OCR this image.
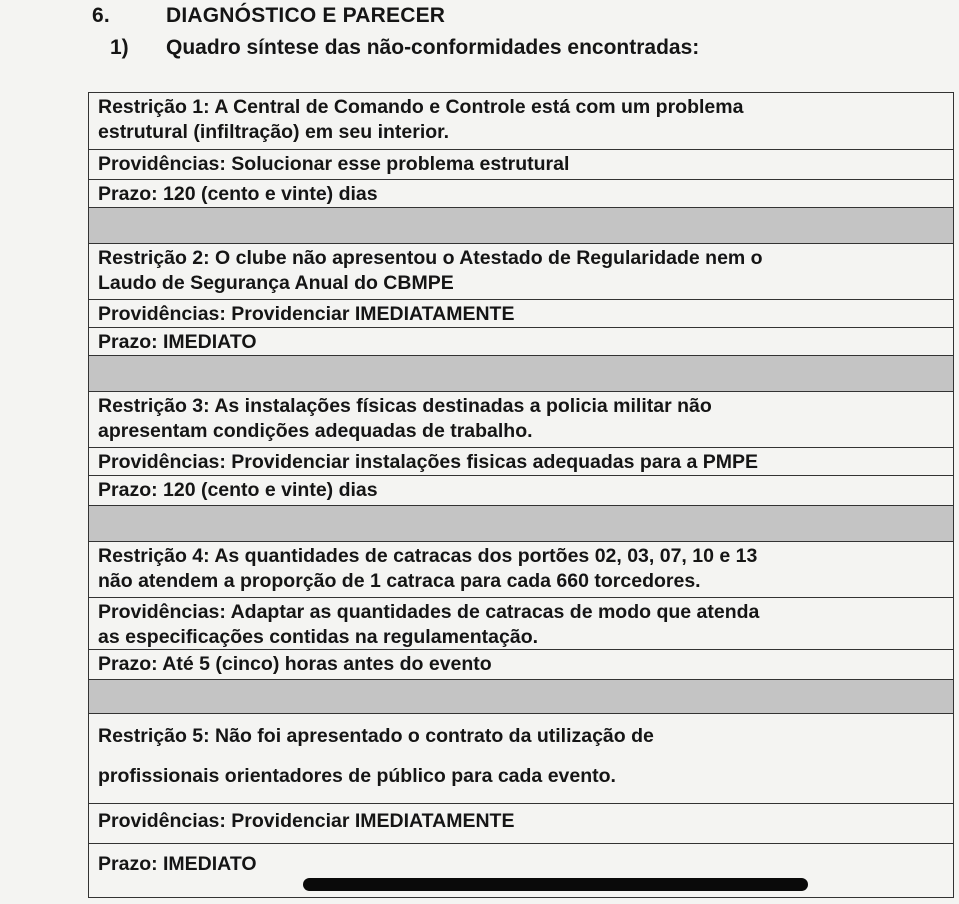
6.	DIAGNÓSTICO E PARECER
1) Quadro síntese das não-conformidades encontradas:
Restrição 1: A Central de Comando e Controle está com um problema
estrutural (infiltração) em seu interior.
Providências: Solucionar esse problema estrutural
Prazo: 120 (cento e vinte) dias
Restrição 2: O clube não apresentou o Atestado de Regularidade nem o
Laudo de Segurança Anual do CBMPE
Providências: Providenciar IMEDIATAMENTE
Prazo: IMEDIATO
Restrição 3: As instalações físicas destinadas a policia militar não
apresentam condições adequadas de trabalho.
Providências: Providenciar instalações fisicas adequadas para a PMPE
Prazo: 120 (cento e vinte) dias
Restrição 4: As quantidades de catracas dos portões 02, 03, 07, 10 e 13
não atendem a proporção de 1 catraca para cada 660 torcedores.
Providências: Adaptar as quantidades de catracas de modo que atenda
as especificações contidas na regulamentação.
Prazo: Até 5 (cinco) horas antes do evento
Restrição 5: Não foi apresentado o contrato da utilização de
profissionais orientadores de público para cada evento.
Providências: Providenciar IMEDIATAMENTE
Prazo: IMEDIATO
